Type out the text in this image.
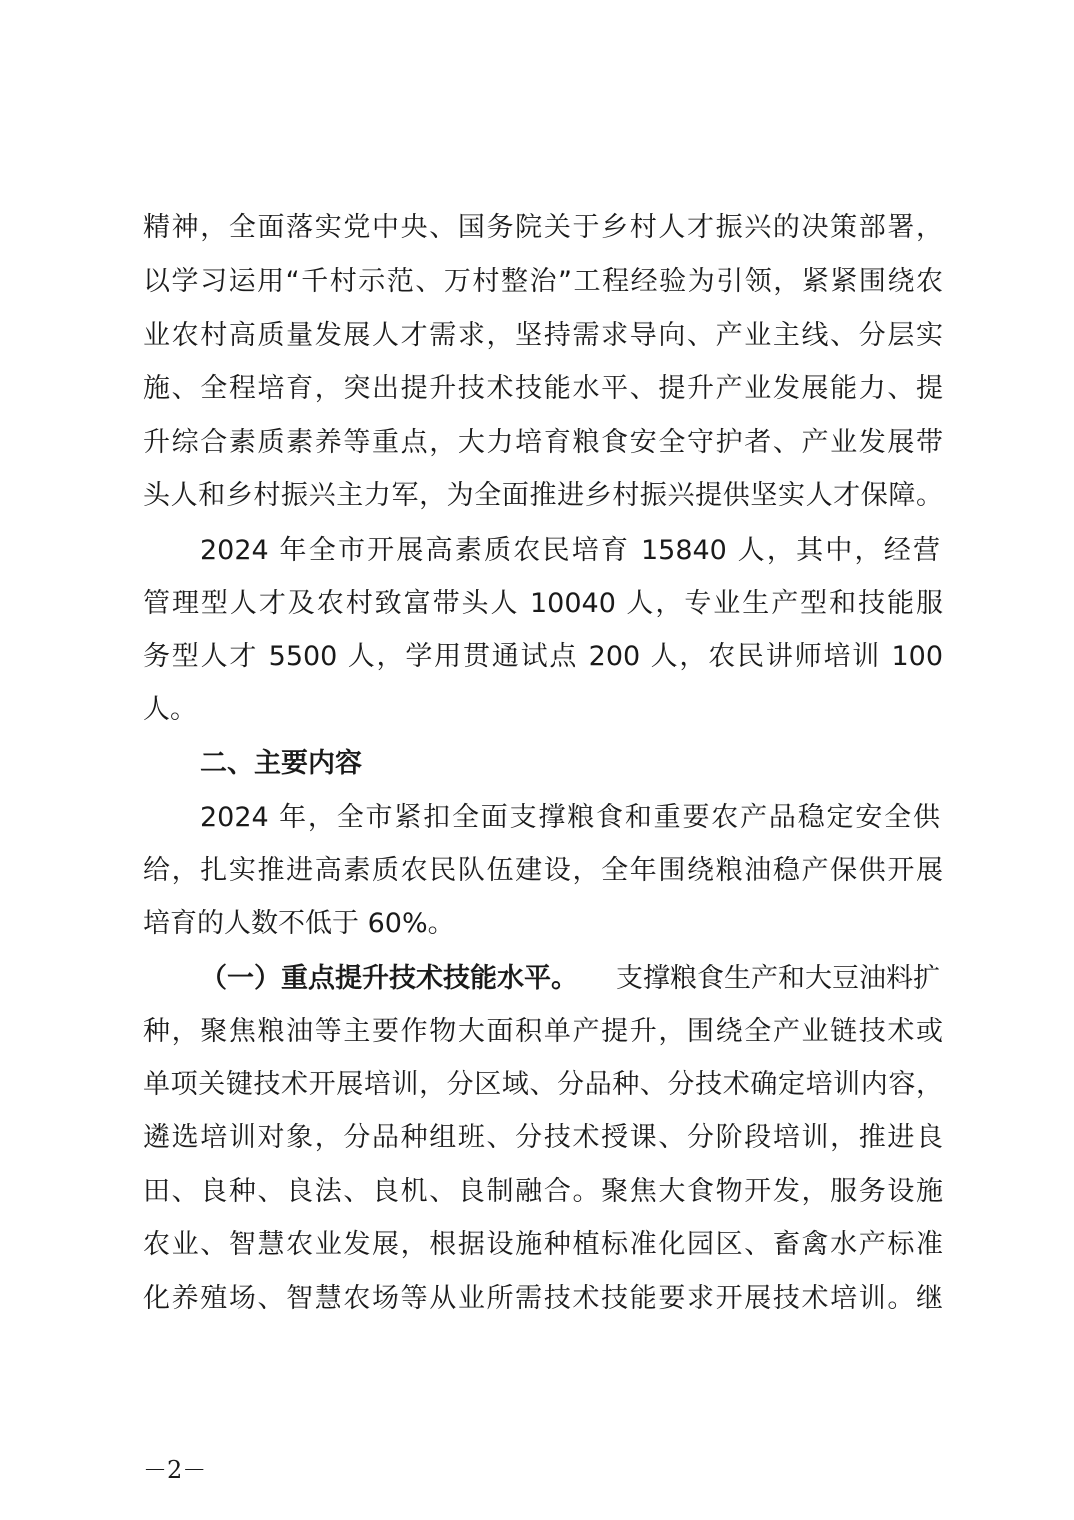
精神，全面落实党中央、国务院关于乡村人才振兴的决策部署，
以学习运用“千村示范、万村整治”工程经验为引领，紧紧围绕农
业农村高质量发展人才需求，坚持需求导向、产业主线、分层实
施、全程培育，突出提升技术技能水平、提升产业发展能力、提
升综合素质素养等重点，大力培育粮食安全守护者、产业发展带
头人和乡村振兴主力军，为全面推进乡村振兴提供坚实人才保障。
2024 年全市开展高素质农民培育 15840 人，其中，经营
管理型人才及农村致富带头人 10040 人，专业生产型和技能服
务型人才 5500 人，学用贯通试点 200 人，农民讲师培训 100
人。
二、主要内容
2024 年，全市紧扣全面支撑粮食和重要农产品稳定安全供
给，扎实推进高素质农民队伍建设，全年围绕粮油稳产保供开展
培育的人数不低于 60%。
（一）重点提升技术技能水平。 支撑粮食生产和大豆油料扩
种，聚焦粮油等主要作物大面积单产提升，围绕全产业链技术或
单项关键技术开展培训，分区域、分品种、分技术确定培训内容，
遴选培训对象，分品种组班、分技术授课、分阶段培训，推进良
田、良种、良法、良机、良制融合。聚焦大食物开发，服务设施
农业、智慧农业发展，根据设施种植标准化园区、畜禽水产标准
化养殖场、智慧农场等从业所需技术技能要求开展技术培训。继
－2－
